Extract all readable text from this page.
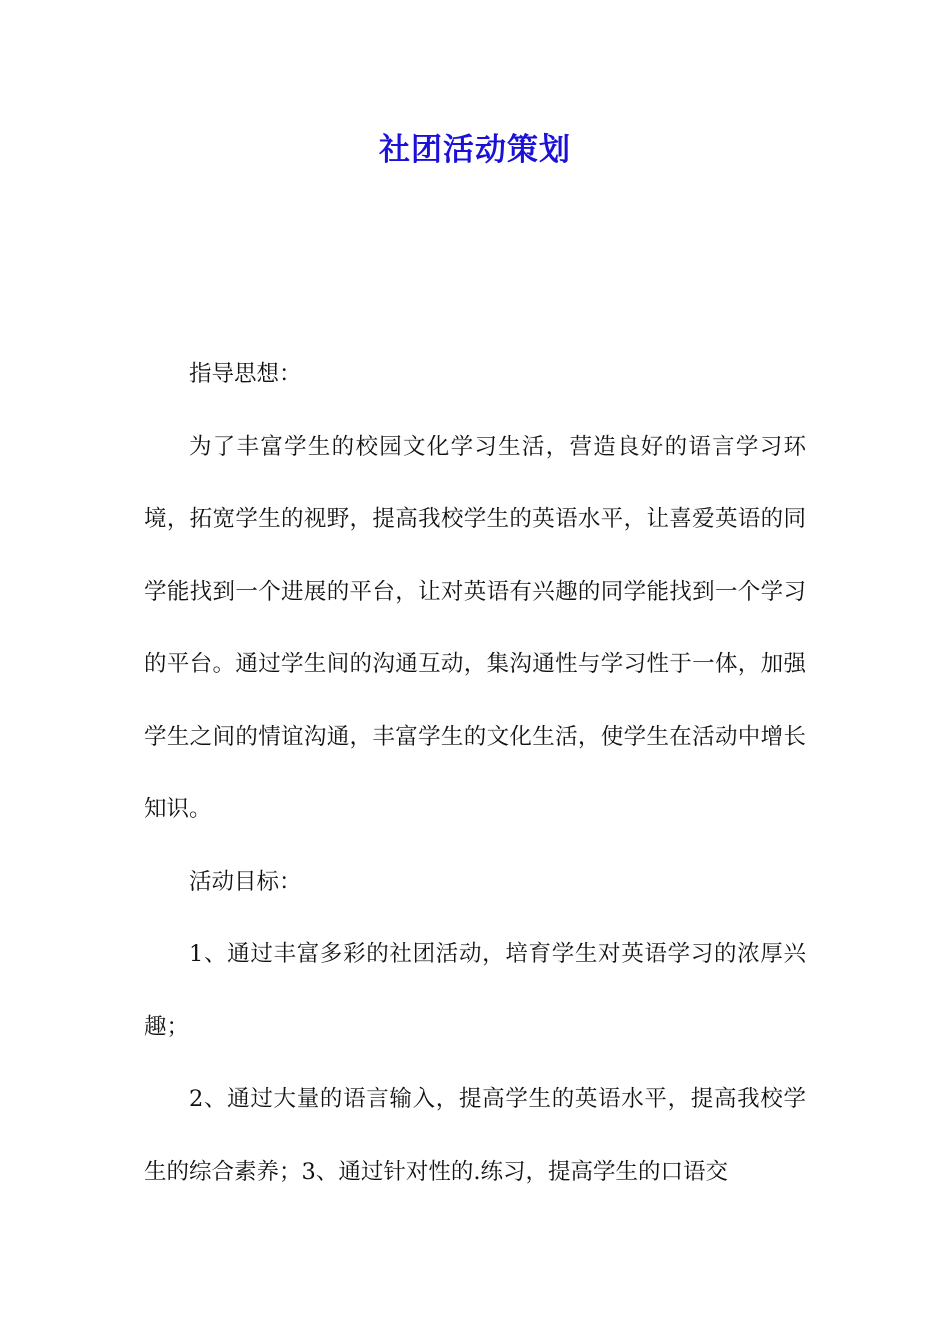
社团活动策划

指导思想：

为了丰富学生的校园文化学习生活，营造良好的语言学习环境，拓宽学生的视野，提高我校学生的英语水平，让喜爱英语的同学能找到一个进展的平台，让对英语有兴趣的同学能找到一个学习的平台。通过学生间的沟通互动，集沟通性与学习性于一体，加强学生之间的情谊沟通，丰富学生的文化生活，使学生在活动中增长知识。

活动目标：

1、通过丰富多彩的社团活动，培育学生对英语学习的浓厚兴趣；

2、通过大量的语言输入，提高学生的英语水平，提高我校学生的综合素养；3、通过针对性的.练习，提高学生的口语交
